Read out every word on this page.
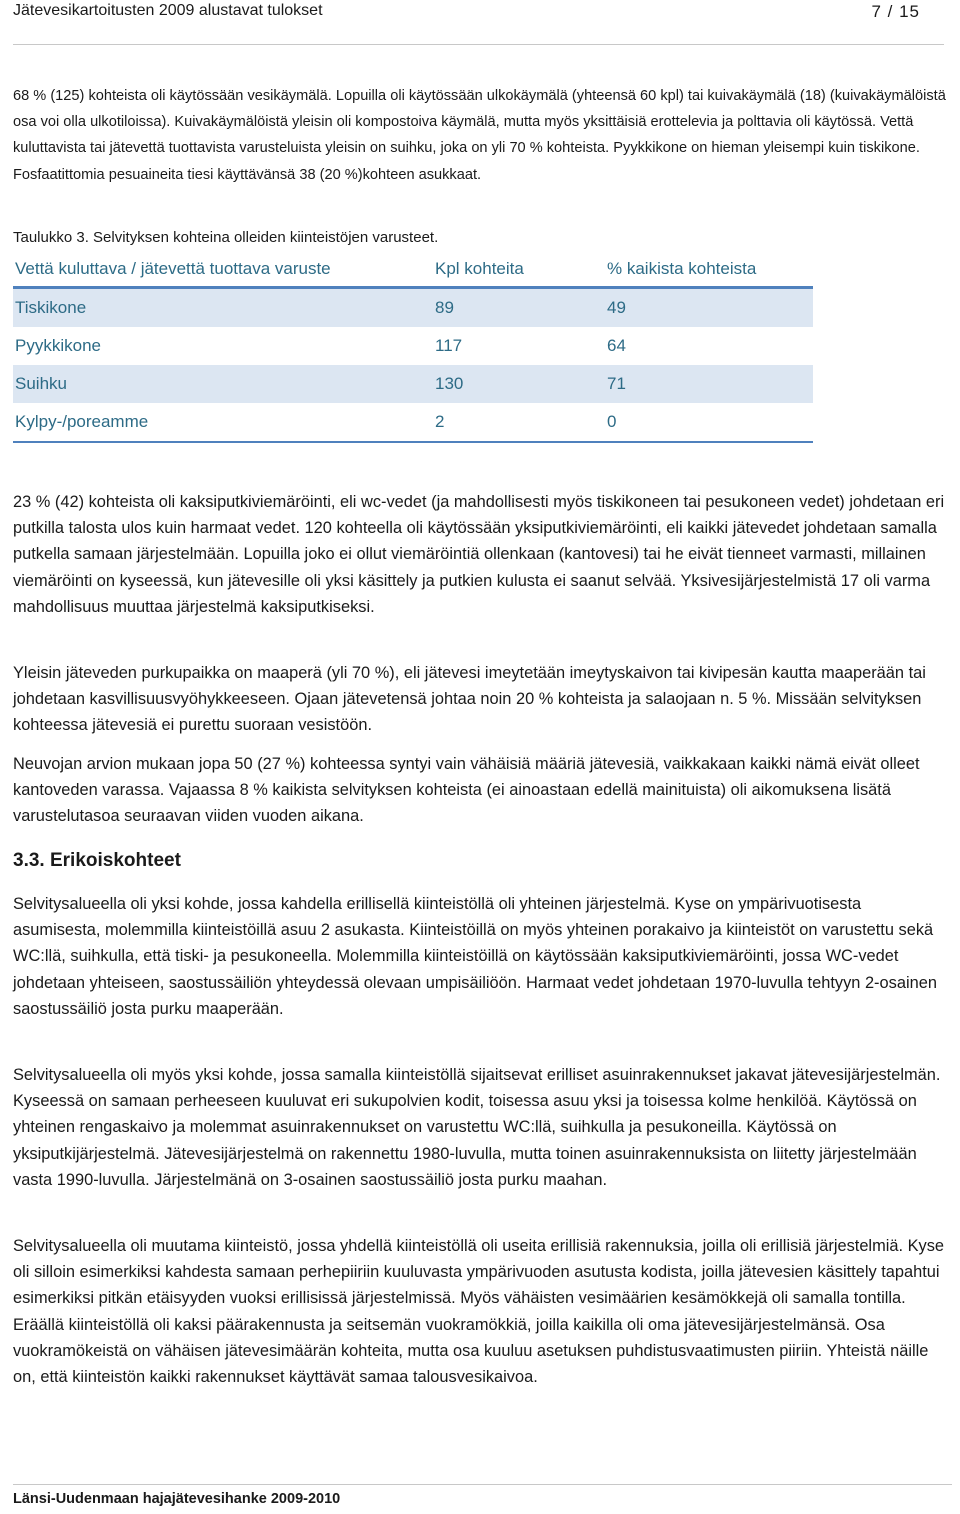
Jätevesikartoitusten 2009 alustavat tulokset	7 / 15

68 % (125) kohteista oli käytössään vesikäymälä. Lopuilla oli käytössään ulkokäymälä (yhteensä 60 kpl) tai kuivakäymälä (18) (kuivakäymälöistä osa voi olla ulkotiloissa). Kuivakäymälöistä yleisin oli kompostoiva käymälä, mutta myös yksittäisiä erottelevia ja polttavia oli käytössä. Vettä kuluttavista tai jätevettä tuottavista varusteluista yleisin on suihku, joka on yli 70 % kohteista. Pyykkikone on hieman yleisempi kuin tiskikone. Fosfaatittomia pesuaineita tiesi käyttävänsä 38 (20 %)kohteen asukkaat.

Taulukko 3. Selvityksen kohteina olleiden kiinteistöjen varusteet.

Vettä kuluttava / jätevettä tuottava varuste	Kpl kohteita	% kaikista kohteista
Tiskikone	89	49
Pyykkikone	117	64
Suihku	130	71
Kylpy-/poreamme	2	0

23 % (42) kohteista oli kaksiputkiviemäröinti, eli wc-vedet (ja mahdollisesti myös tiskikoneen tai pesukoneen vedet) johdetaan eri putkilla talosta ulos kuin harmaat vedet. 120 kohteella oli käytössään yksiputkiviemäröinti, eli kaikki jätevedet johdetaan samalla putkella samaan järjestelmään. Lopuilla joko ei ollut viemäröintiä ollenkaan (kantovesi) tai he eivät tienneet varmasti, millainen viemäröinti on kyseessä, kun jätevesille oli yksi käsittely ja putkien kulusta ei saanut selvää. Yksivesijärjestelmistä 17 oli varma mahdollisuus muuttaa järjestelmä kaksiputkiseksi.

Yleisin jäteveden purkupaikka on maaperä (yli 70 %), eli jätevesi imeytetään imeytyskaivon tai kivipesän kautta maaperään tai johdetaan kasvillisuusvyöhykkeeseen. Ojaan jätevetensä johtaa noin 20 % kohteista ja salaojaan n. 5 %. Missään selvityksen kohteessa jätevesiä ei purettu suoraan vesistöön.

Neuvojan arvion mukaan jopa 50 (27 %) kohteessa syntyi vain vähäisiä määriä jätevesiä, vaikkakaan kaikki nämä eivät olleet kantoveden varassa. Vajaassa 8 % kaikista selvityksen kohteista (ei ainoastaan edellä mainituista) oli aikomuksena lisätä varustelutasoa seuraavan viiden vuoden aikana.

3.3. Erikoiskohteet

Selvitysalueella oli yksi kohde, jossa kahdella erillisellä kiinteistöllä oli yhteinen järjestelmä. Kyse on ympärivuotisesta asumisesta, molemmilla kiinteistöillä asuu 2 asukasta. Kiinteistöillä on myös yhteinen porakaivo ja kiinteistöt on varustettu sekä WC:llä, suihkulla, että tiski- ja pesukoneella. Molemmilla kiinteistöillä on käytössään kaksiputkiviemäröinti, jossa WC-vedet johdetaan yhteiseen, saostussäiliön yhteydessä olevaan umpisäiliöön. Harmaat vedet johdetaan 1970-luvulla tehtyyn 2-osainen saostussäiliö josta purku maaperään.

Selvitysalueella oli myös yksi kohde, jossa samalla kiinteistöllä sijaitsevat erilliset asuinrakennukset jakavat jätevesijärjestelmän. Kyseessä on samaan perheeseen kuuluvat eri sukupolvien kodit, toisessa asuu yksi ja toisessa kolme henkilöä. Käytössä on yhteinen rengaskaivo ja molemmat asuinrakennukset on varustettu WC:llä, suihkulla ja pesukoneilla. Käytössä on yksiputkijärjestelmä. Jätevesijärjestelmä on rakennettu 1980-luvulla, mutta toinen asuinrakennuksista on liitetty järjestelmään vasta 1990-luvulla. Järjestelmänä on 3-osainen saostussäiliö josta purku maahan.

Selvitysalueella oli muutama kiinteistö, jossa yhdellä kiinteistöllä oli useita erillisiä rakennuksia, joilla oli erillisiä järjestelmiä. Kyse oli silloin esimerkiksi kahdesta samaan perhepiiriin kuuluvasta ympärivuoden asutusta kodista, joilla jätevesien käsittely tapahtui esimerkiksi pitkän etäisyyden vuoksi erillisissä järjestelmissä. Myös vähäisten vesimäärien kesämökkejä oli samalla tontilla. Eräällä kiinteistöllä oli kaksi päärakennusta ja seitsemän vuokramökkiä, joilla kaikilla oli oma jätevesijärjestelmänsä. Osa vuokramökeistä on vähäisen jätevesimäärän kohteita, mutta osa kuuluu asetuksen puhdistusvaatimusten piiriin. Yhteistä näille on, että kiinteistön kaikki rakennukset käyttävät samaa talousvesikaivoa.

Länsi-Uudenmaan hajajätevesihanke 2009-2010
